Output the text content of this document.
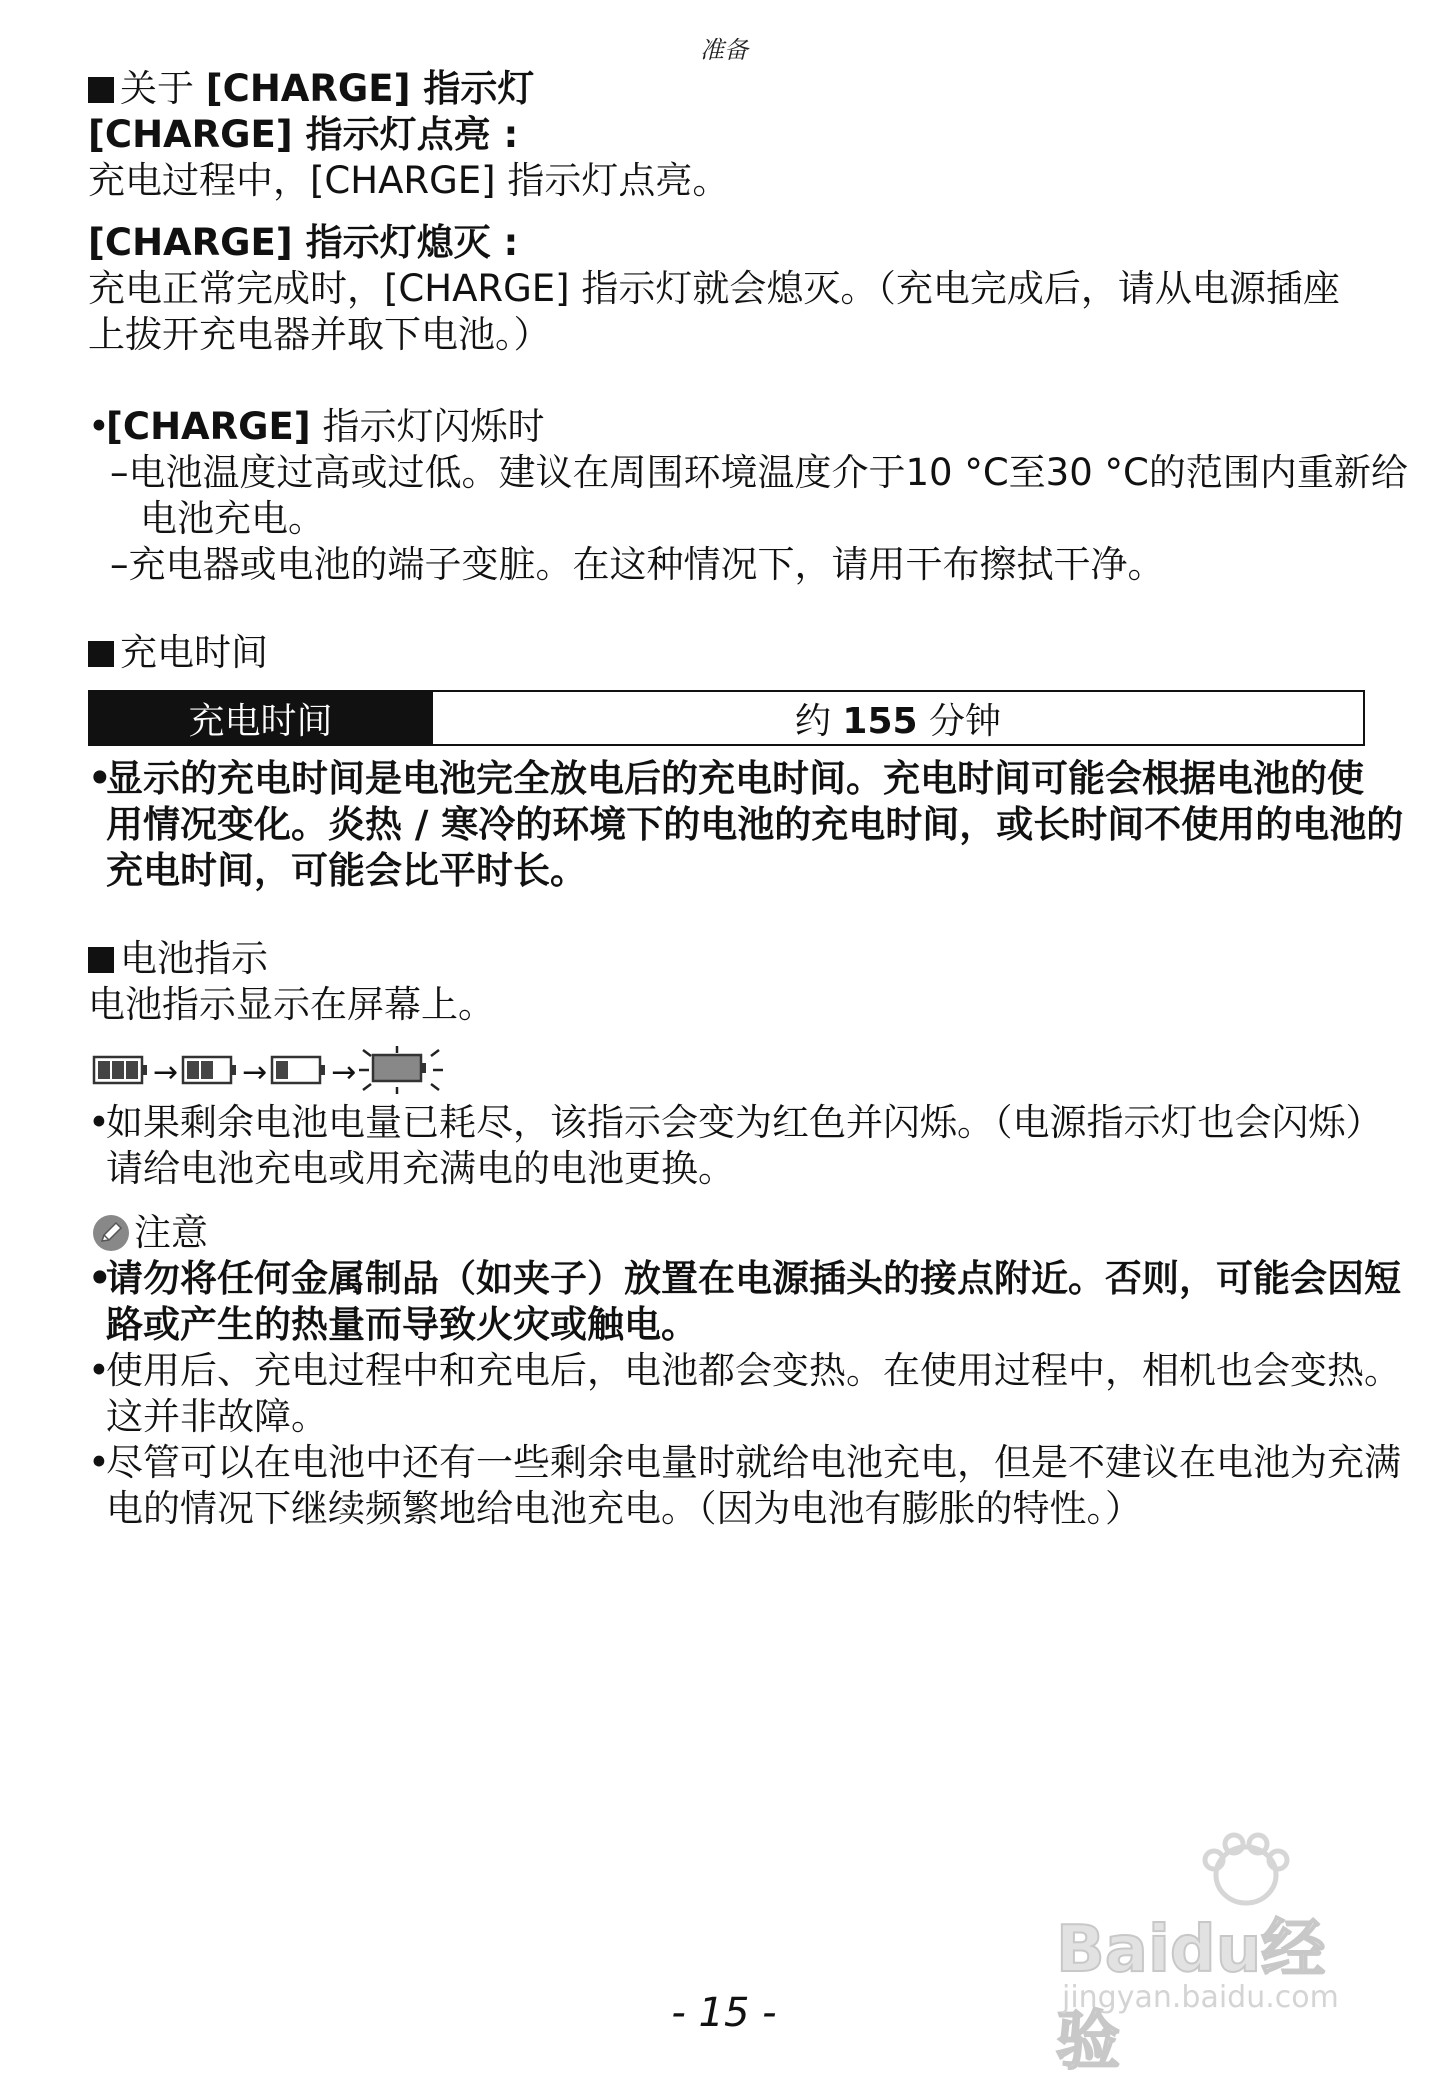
准备
关于 [CHARGE] 指示灯
[CHARGE] 指示灯点亮 :
充电过程中，[CHARGE] 指示灯点亮。
[CHARGE] 指示灯熄灭 :
充电正常完成时，[CHARGE] 指示灯就会熄灭。（充电完成后，请从电源插座
上拔开充电器并取下电池。）
•[CHARGE] 指示灯闪烁时
–电池温度过高或过低。建议在周围环境温度介于10 °C至30 °C的范围内重新给
电池充电。
–充电器或电池的端子变脏。在这种情况下，请用干布擦拭干净。
充电时间
充电时间	约 155 分钟
•显示的充电时间是电池完全放电后的充电时间。充电时间可能会根据电池的使
用情况变化。炎热 / 寒冷的环境下的电池的充电时间，或长时间不使用的电池的
充电时间，可能会比平时长。
电池指示
电池指示显示在屏幕上。
→ → →
•如果剩余电池电量已耗尽，该指示会变为红色并闪烁。（电源指示灯也会闪烁）
请给电池充电或用充满电的电池更换。
注意
•请勿将任何金属制品（如夹子）放置在电源插头的接点附近。否则，可能会因短
路或产生的热量而导致火灾或触电。
•使用后、充电过程中和充电后，电池都会变热。在使用过程中，相机也会变热。
这并非故障。
•尽管可以在电池中还有一些剩余电量时就给电池充电，但是不建议在电池为充满
电的情况下继续频繁地给电池充电。（因为电池有膨胀的特性。）
Baidu经验
jingyan.baidu.com
- 15 -
